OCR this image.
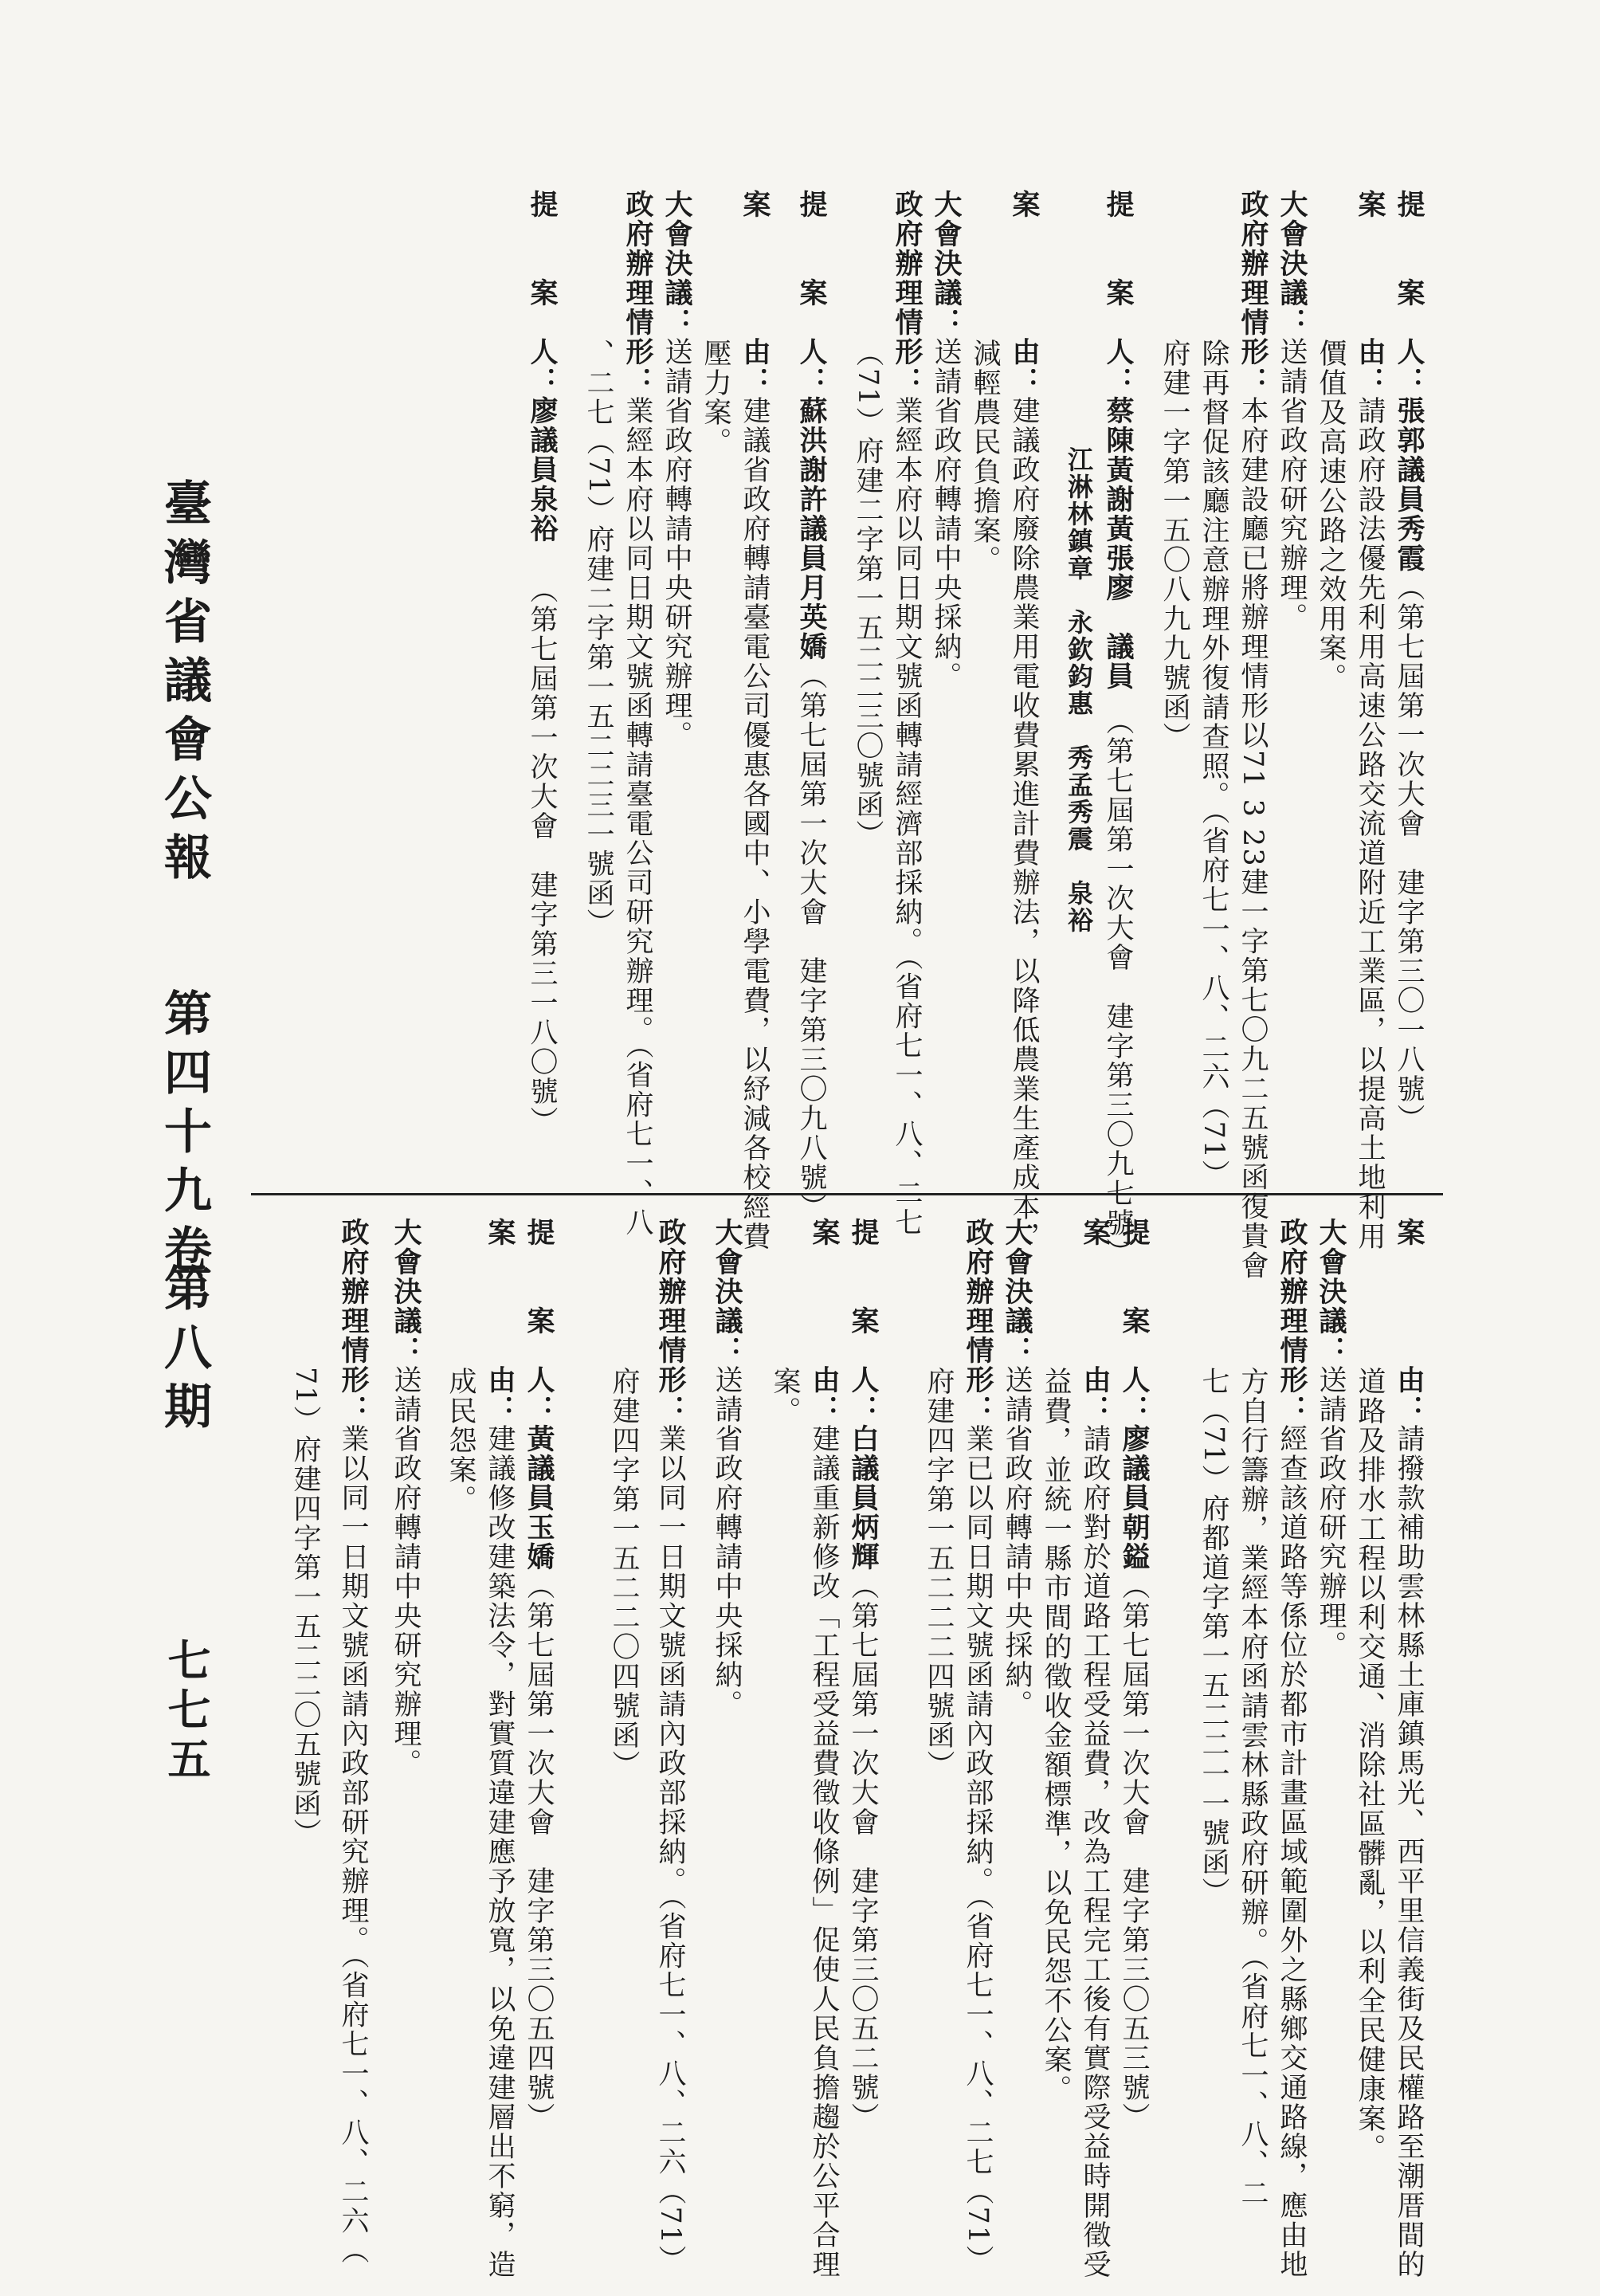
臺灣省議會公報
第四十九卷
第八期
七七五
提　　案　人：張郭議員秀霞（第七屆第一次大會　建字第三〇一八號）
案　　　　由：請政府設法優先利用高速公路交流道附近工業區，以提高土地利用
價值及高速公路之效用案。
大會決議：送請省政府研究辦理。
政府辦理情形：本府建設廳已將辦理情形以71 3 23建一字第七〇九二五號函復貴會
除再督促該廳注意辦理外復請查照。（省府七一、八、二六（71）
府建一字第一五〇八九九號函）
提　　案　人：蔡陳黃謝黃張廖　議員（第七屆第一次大會　建字第三〇九七號）
江淋林鎮章　永欽鈞惠　秀孟秀震　泉裕
案　　　　由：建議政府廢除農業用電收費累進計費辦法，以降低農業生產成本，
減輕農民負擔案。
大會決議：送請省政府轉請中央採納。
政府辦理情形：業經本府以同日期文號函轉請經濟部採納。（省府七一、八、二七
（71）府建二字第一五二二三〇號函）
提　　案　人：蘇洪謝許議員月英嬌（第七屆第一次大會　建字第三〇九八號）
案　　　　由：建議省政府轉請臺電公司優惠各國中、小學電費，以紓減各校經費
壓力案。
大會決議：送請省政府轉請中央研究辦理。
政府辦理情形：業經本府以同日期文號函轉請臺電公司研究辦理。（省府七一、八
、二七（71）府建二字第一五二二三一號函）
提　　案　人：廖議員泉裕（第七屆第一次大會　建字第三一八〇號）
案　　　　由：請撥款補助雲林縣土庫鎮馬光、西平里信義街及民權路至潮厝間的
道路及排水工程以利交通、消除社區髒亂，以利全民健康案。
大會決議：送請省政府研究辦理。
政府辦理情形：經查該道路等係位於都市計畫區域範圍外之縣鄉交通路線，應由地
方自行籌辦，業經本府函請雲林縣政府研辦。（省府七一、八、二
七（71）府都道字第一五二二一一號函）
提　　案　人：廖議員朝鎰（第七屆第一次大會　建字第三〇五三號）
案　　　　由：請政府對於道路工程受益費，改為工程完工後有實際受益時開徵受
益費，並統一縣市間的徵收金額標準，以免民怨不公案。
大會決議：送請省政府轉請中央採納。
政府辦理情形：業已以同日期文號函請內政部採納。（省府七一、八、二七（71）
府建四字第一五二二二四號函）
提　　案　人：白議員炳輝（第七屆第一次大會　建字第三〇五二號）
案　　　　由：建議重新修改「工程受益費徵收條例」促使人民負擔趨於公平合理
案。
大會決議：送請省政府轉請中央採納。
政府辦理情形：業以同一日期文號函請內政部採納。（省府七一、八、二六（71）
府建四字第一五二二〇四號函）
提　　案　人：黃議員玉嬌（第七屆第一次大會　建字第三〇五四號）
案　　　　由：建議修改建築法令，對實質違建應予放寬，以免違建層出不窮，造
成民怨案。
大會決議：送請省政府轉請中央研究辦理。
政府辦理情形：業以同一日期文號函請內政部研究辦理。（省府七一、八、二六（
71）府建四字第一五二二〇五號函）
